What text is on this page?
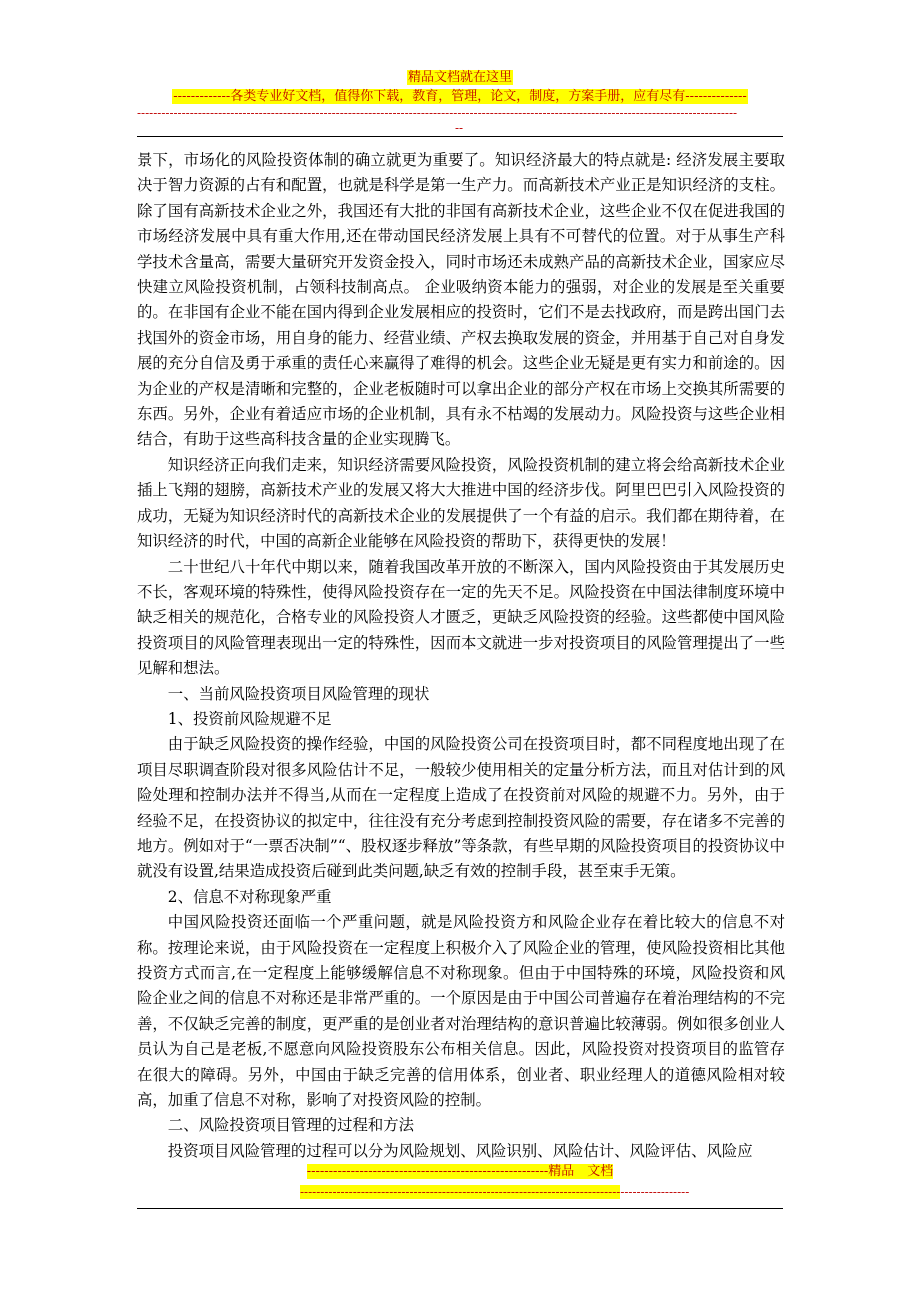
精品文档就在这里
-------------各类专业好文档，值得你下载，教育，管理，论文，制度，方案手册，应有尽有--------------
----------------------------------------------------------------------------------------------------------------------------------------------------
--

景下，市场化的风险投资体制的确立就更为重要了。知识经济最大的特点就是: 经济发展主要取决于智力资源的占有和配置，也就是科学是第一生产力。而高新技术产业正是知识经济的支柱。除了国有高新技术企业之外，我国还有大批的非国有高新技术企业，这些企业不仅在促进我国的市场经济发展中具有重大作用,还在带动国民经济发展上具有不可替代的位置。对于从事生产科学技术含量高，需要大量研究开发资金投入，同时市场还未成熟产品的高新技术企业，国家应尽快建立风险投资机制，占领科技制高点。 企业吸纳资本能力的强弱，对企业的发展是至关重要的。在非国有企业不能在国内得到企业发展相应的投资时，它们不是去找政府，而是跨出国门去找国外的资金市场，用自身的能力、经营业绩、产权去换取发展的资金，并用基于自己对自身发展的充分自信及勇于承重的责任心来赢得了难得的机会。这些企业无疑是更有实力和前途的。因为企业的产权是清晰和完整的，企业老板随时可以拿出企业的部分产权在市场上交换其所需要的东西。另外，企业有着适应市场的企业机制，具有永不枯竭的发展动力。风险投资与这些企业相结合，有助于这些高科技含量的企业实现腾飞。

知识经济正向我们走来，知识经济需要风险投资，风险投资机制的建立将会给高新技术企业插上飞翔的翅膀，高新技术产业的发展又将大大推进中国的经济步伐。阿里巴巴引入风险投资的成功，无疑为知识经济时代的高新技术企业的发展提供了一个有益的启示。我们都在期待着，在知识经济的时代，中国的高新企业能够在风险投资的帮助下，获得更快的发展！

二十世纪八十年代中期以来，随着我国改革开放的不断深入，国内风险投资由于其发展历史不长，客观环境的特殊性，使得风险投资存在一定的先天不足。风险投资在中国法律制度环境中缺乏相关的规范化，合格专业的风险投资人才匮乏，更缺乏风险投资的经验。这些都使中国风险投资项目的风险管理表现出一定的特殊性，因而本文就进一步对投资项目的风险管理提出了一些见解和想法。

一、当前风险投资项目风险管理的现状

1、投资前风险规避不足

由于缺乏风险投资的操作经验，中国的风险投资公司在投资项目时，都不同程度地出现了在项目尽职调查阶段对很多风险估计不足，一般较少使用相关的定量分析方法，而且对估计到的风险处理和控制办法并不得当,从而在一定程度上造成了在投资前对风险的规避不力。另外，由于经验不足，在投资协议的拟定中，往往没有充分考虑到控制投资风险的需要，存在诸多不完善的地方。例如对于“一票否决制”“、股权逐步释放”等条款，有些早期的风险投资项目的投资协议中就没有设置,结果造成投资后碰到此类问题,缺乏有效的控制手段，甚至束手无策。

2、信息不对称现象严重

中国风险投资还面临一个严重问题，就是风险投资方和风险企业存在着比较大的信息不对称。按理论来说，由于风险投资在一定程度上积极介入了风险企业的管理，使风险投资相比其他投资方式而言,在一定程度上能够缓解信息不对称现象。但由于中国特殊的环境，风险投资和风险企业之间的信息不对称还是非常严重的。一个原因是由于中国公司普遍存在着治理结构的不完善，不仅缺乏完善的制度，更严重的是创业者对治理结构的意识普遍比较薄弱。例如很多创业人员认为自己是老板,不愿意向风险投资股东公布相关信息。因此，风险投资对投资项目的监管存在很大的障碍。另外，中国由于缺乏完善的信用体系，创业者、职业经理人的道德风险相对较高，加重了信息不对称，影响了对投资风险的控制。

二、风险投资项目管理的过程和方法

投资项目风险管理的过程可以分为风险规划、风险识别、风险估计、风险评估、风险应

-------------------------------------------------------精品　文档
------------------------------------------------------------------------------------------------
